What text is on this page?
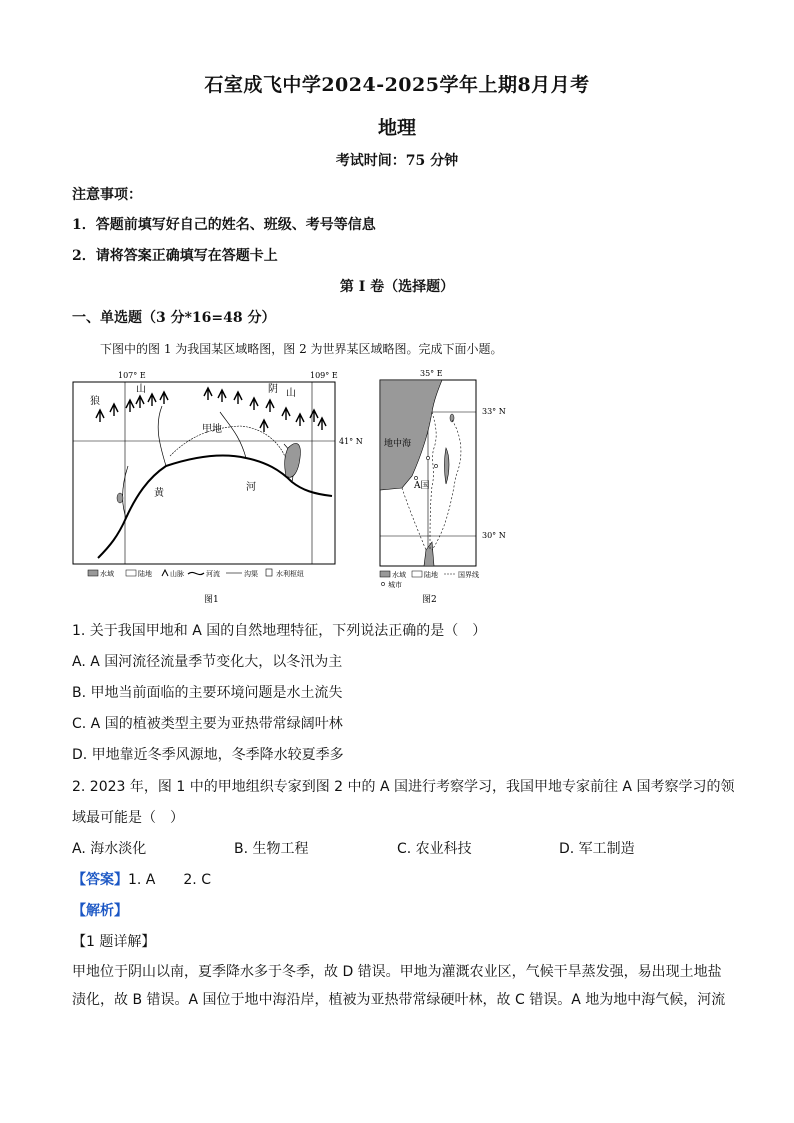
石室成飞中学2024-2025学年上期8月月考
地理
考试时间：75 分钟
注意事项：
1．答题前填写好自己的姓名、班级、考号等信息
2．请将答案正确填写在答题卡上
第 I 卷（选择题）
一、单选题（3 分*16=48 分）
下图中的图 1 为我国某区域略图，图 2 为世界某区域略图。完成下面小题。
107° E	109° E
41° N
狼
山	阴 山
甲地
黄
河
水域	陆地	山脉	河流	沟渠	水利枢纽
图1
35° E
33° N
30° N
地中海
A国
水域	陆地	国界线
城市
图2
1. 关于我国甲地和 A 国的自然地理特征，下列说法正确的是（　）
A. A 国河流径流量季节变化大，以冬汛为主
B. 甲地当前面临的主要环境问题是水土流失
C. A 国的植被类型主要为亚热带常绿阔叶林
D. 甲地靠近冬季风源地，冬季降水较夏季多
2. 2023 年，图 1 中的甲地组织专家到图 2 中的 A 国进行考察学习，我国甲地专家前往 A 国考察学习的领
域最可能是（　）
A. 海水淡化	B. 生物工程	C. 农业科技	D. 军工制造
【答案】1. A　　2. C
【解析】
【1 题详解】
甲地位于阴山以南，夏季降水多于冬季，故 D 错误。甲地为灌溉农业区，气候干旱蒸发强，易出现土地盐
渍化，故 B 错误。A 国位于地中海沿岸，植被为亚热带常绿硬叶林，故 C 错误。A 地为地中海气候，河流
